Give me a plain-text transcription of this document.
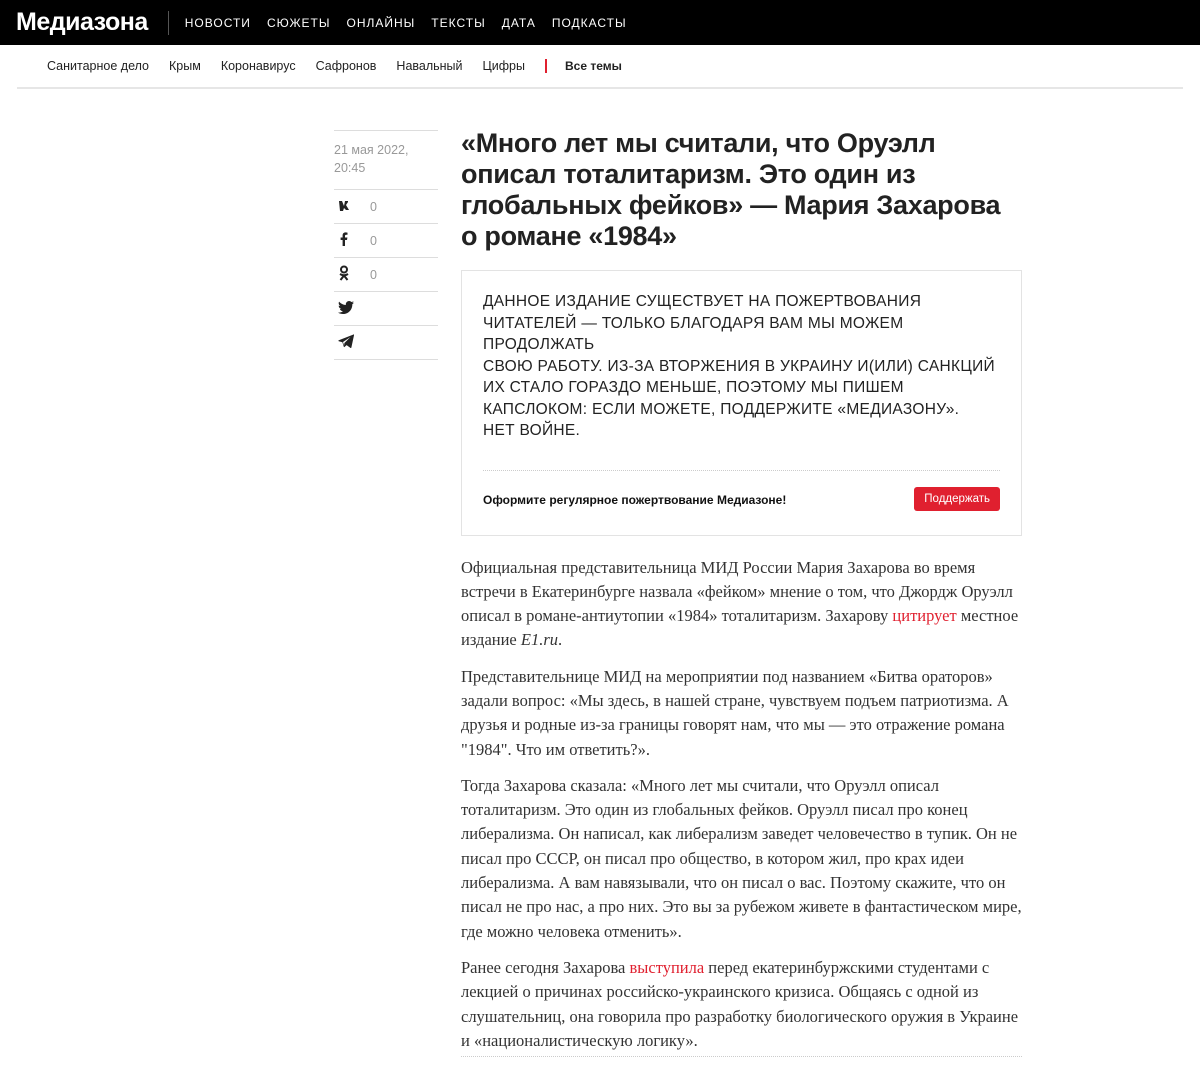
Медиазона	НОВОСТИ СЮЖЕТЫ ОНЛАЙНЫ ТЕКСТЫ ДАТА ПОДКАСТЫ
Санитарное дело Крым Коронавирус Сафронов Навальный Цифры	Все темы
21 мая 2022, 20:45
0
0
0
«Много лет мы считали, что Оруэлл описал тоталитаризм. Это один из глобальных фейков» — Мария Захарова о романе «1984»
ДАННОЕ ИЗДАНИЕ СУЩЕСТВУЕТ НА ПОЖЕРТВОВАНИЯ
ЧИТАТЕЛЕЙ — ТОЛЬКО БЛАГОДАРЯ ВАМ МЫ МОЖЕМ ПРОДОЛЖАТЬ
СВОЮ РАБОТУ. ИЗ-ЗА ВТОРЖЕНИЯ В УКРАИНУ И(ИЛИ) САНКЦИЙ
ИХ СТАЛО ГОРАЗДО МЕНЬШЕ, ПОЭТОМУ МЫ ПИШЕМ
КАПСЛОКОМ: ЕСЛИ МОЖЕТЕ, ПОДДЕРЖИТЕ «МЕДИАЗОНУ».
НЕТ ВОЙНЕ.
Оформите регулярное пожертвование Медиазоне!	Поддержать

Официальная представительница МИД России Мария Захарова во время встречи в Екатеринбурге назвала «фейком» мнение о том, что Джордж Оруэлл описал в романе-антиутопии «1984» тоталитаризм. Захарову цитирует местное издание E1.ru.

Представительнице МИД на мероприятии под названием «Битва ораторов» задали вопрос: «Мы здесь, в нашей стране, чувствуем подъем патриотизма. А друзья и родные из-за границы говорят нам, что мы — это отражение романа "1984". Что им ответить?».

Тогда Захарова сказала: «Много лет мы считали, что Оруэлл описал тоталитаризм. Это один из глобальных фейков. Оруэлл писал про конец либерализма. Он написал, как либерализм заведет человечество в тупик. Он не писал про СССР, он писал про общество, в котором жил, про крах идеи либерализма. А вам навязывали, что он писал о вас. Поэтому скажите, что он писал не про нас, а про них. Это вы за рубежом живете в фантастическом мире, где можно человека отменить».

Ранее сегодня Захарова выступила перед екатеринбуржскими студентами с лекцией о причинах российско-украинского кризиса. Общаясь с одной из слушательниц, она говорила про разработку биологического оружия в Украине и «националистическую логику».
